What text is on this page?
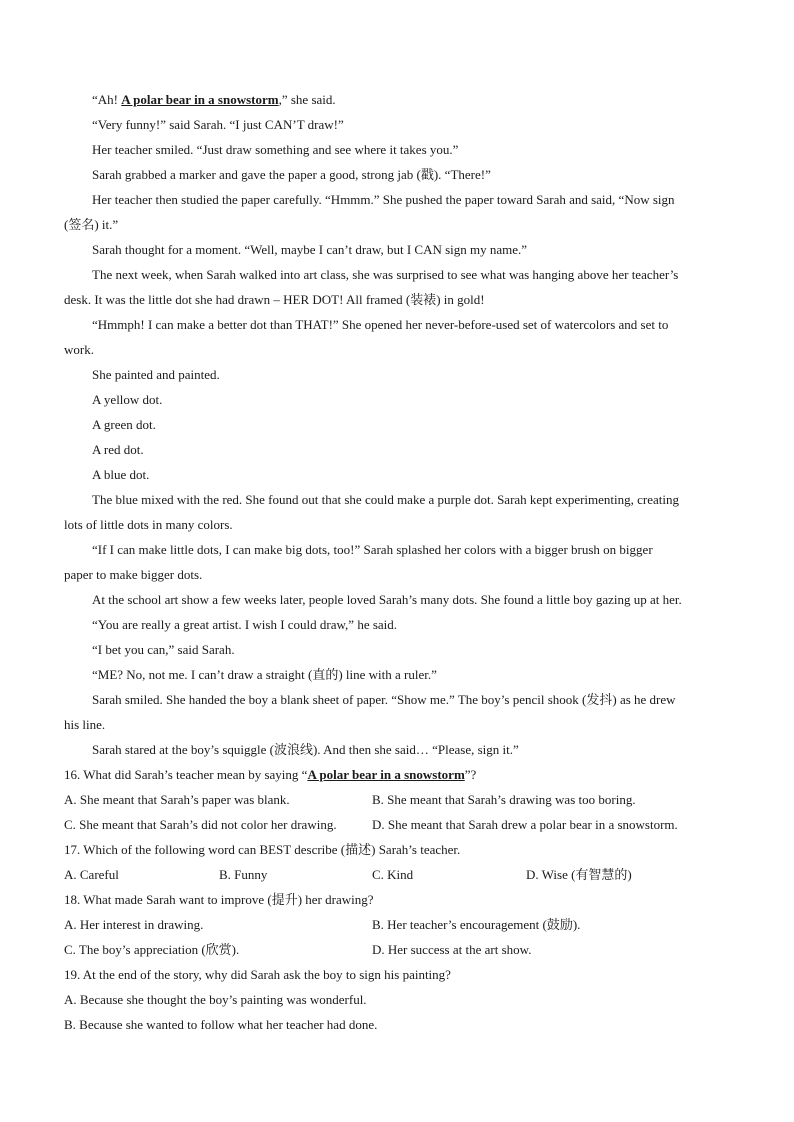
“Ah! A polar bear in a snowstorm,” she said.
“Very funny!” said Sarah. “I just CAN’T draw!”
Her teacher smiled. “Just draw something and see where it takes you.”
Sarah grabbed a marker and gave the paper a good, strong jab (戳). “There!”
Her teacher then studied the paper carefully. “Hmmm.” She pushed the paper toward Sarah and said, “Now sign
(签名) it.”
Sarah thought for a moment. “Well, maybe I can’t draw, but I CAN sign my name.”
The next week, when Sarah walked into art class, she was surprised to see what was hanging above her teacher’s
desk. It was the little dot she had drawn – HER DOT! All framed (装裱) in gold!
“Hmmph! I can make a better dot than THAT!” She opened her never-before-used set of watercolors and set to
work.
She painted and painted.
A yellow dot.
A green dot.
A red dot.
A blue dot.
The blue mixed with the red. She found out that she could make a purple dot. Sarah kept experimenting, creating
lots of little dots in many colors.
“If I can make little dots, I can make big dots, too!” Sarah splashed her colors with a bigger brush on bigger
paper to make bigger dots.
At the school art show a few weeks later, people loved Sarah’s many dots. She found a little boy gazing up at her.
“You are really a great artist. I wish I could draw,” he said.
“I bet you can,” said Sarah.
“ME? No, not me. I can’t draw a straight (直的) line with a ruler.”
Sarah smiled. She handed the boy a blank sheet of paper. “Show me.” The boy’s pencil shook (发抖) as he drew
his line.
Sarah stared at the boy’s squiggle (波浪线). And then she said… “Please, sign it.”
16. What did Sarah’s teacher mean by saying “A polar bear in a snowstorm”?
A. She meant that Sarah’s paper was blank.	B. She meant that Sarah’s drawing was too boring.
C. She meant that Sarah’s did not color her drawing.	D. She meant that Sarah drew a polar bear in a snowstorm.
17. Which of the following word can BEST describe (描述) Sarah’s teacher.
A. Careful	B. Funny	C. Kind	D. Wise (有智慧的)
18. What made Sarah want to improve (提升) her drawing?
A. Her interest in drawing.	B. Her teacher’s encouragement (鼓励).
C. The boy’s appreciation (欣赏).	D. Her success at the art show.
19. At the end of the story, why did Sarah ask the boy to sign his painting?
A. Because she thought the boy’s painting was wonderful.
B. Because she wanted to follow what her teacher had done.
